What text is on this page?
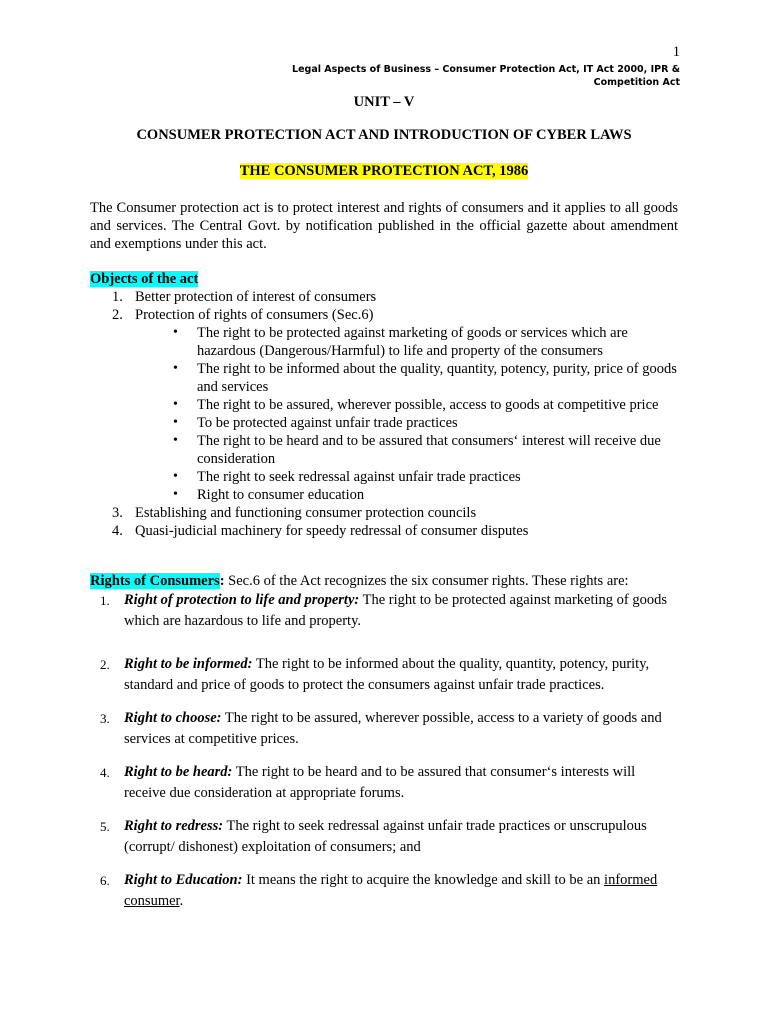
1
Legal Aspects of Business – Consumer Protection Act, IT Act 2000, IPR & Competition Act

UNIT – V

CONSUMER PROTECTION ACT AND INTRODUCTION OF CYBER LAWS

THE CONSUMER PROTECTION ACT, 1986

The Consumer protection act is to protect interest and rights of consumers and it applies to all goods and services. The Central Govt. by notification published in the official gazette about amendment and exemptions under this act.

Objects of the act

1. Better protection of interest of consumers
2. Protection of rights of consumers (Sec.6)
• The right to be protected against marketing of goods or services which are hazardous (Dangerous/Harmful) to life and property of the consumers
• The right to be informed about the quality, quantity, potency, purity, price of goods and services
• The right to be assured, wherever possible, access to goods at competitive price
• To be protected against unfair trade practices
• The right to be heard and to be assured that consumers‘ interest will receive due consideration
• The right to seek redressal against unfair trade practices
• Right to consumer education
3. Establishing and functioning consumer protection councils
4. Quasi-judicial machinery for speedy redressal of consumer disputes

Rights of Consumers: Sec.6 of the Act recognizes the six consumer rights. These rights are:

1. Right of protection to life and property: The right to be protected against marketing of goods which are hazardous to life and property.
2. Right to be informed: The right to be informed about the quality, quantity, potency, purity, standard and price of goods to protect the consumers against unfair trade practices.
3. Right to choose: The right to be assured, wherever possible, access to a variety of goods and services at competitive prices.
4. Right to be heard: The right to be heard and to be assured that consumer‘s interests will receive due consideration at appropriate forums.
5. Right to redress: The right to seek redressal against unfair trade practices or unscrupulous (corrupt/ dishonest) exploitation of consumers; and
6. Right to Education: It means the right to acquire the knowledge and skill to be an informed consumer.
